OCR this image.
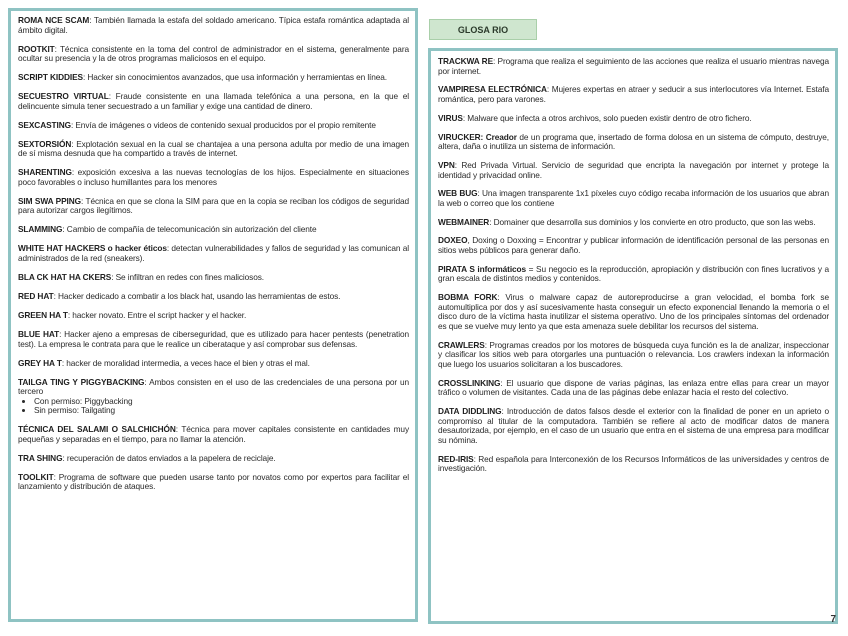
GLOSA RIO
ROMA NCE SCAM: También llamada la estafa del soldado americano. Típica estafa romántica adaptada al ámbito digital.
ROOTKIT: Técnica consistente en la toma del control de administrador en el sistema, generalmente para ocultar su presencia y la de otros programas maliciosos en el equipo.
SCRIPT KIDDIES: Hacker sin conocimientos avanzados, que usa información y herramientas en línea.
SECUESTRO VIRTUAL: Fraude consistente en una llamada telefónica a una persona, en la que el delincuente simula tener secuestrado a un familiar y exige una cantidad de dinero.
SEXCASTING: Envía de imágenes o videos de contenido sexual producidos por el propio remitente
SEXTORSIÓN: Explotación sexual en la cual se chantajea a una persona adulta por medio de una imagen de sí misma desnuda que ha compartido a través de internet.
SHARENTING: exposición excesiva a las nuevas tecnologías de los hijos. Especialmente en situaciones poco favorables o incluso humillantes para los menores
SIM SWA PPING: Técnica en que se clona la SIM para que en la copia se reciban los códigos de seguridad para autorizar cargos ilegítimos.
SLAMMING: Cambio de compañía de telecomunicación sin autorización del cliente
WHITE HAT HACKERS o hacker éticos: detectan vulnerabilidades y fallos de seguridad y las comunican al administrados de la red (sneakers).
BLA CK HAT HA CKERS: Se infiltran en redes con fines maliciosos.
RED HAT: Hacker dedicado a combatir a los black hat, usando las herramientas de estos.
GREEN HA T: hacker novato. Entre el script hacker y el hacker.
BLUE HAT: Hacker ajeno a empresas de ciberseguridad, que es utilizado para hacer pentests (penetration test). La empresa le contrata para que le realice un ciberataque y así comprobar sus defensas.
GREY HA T: hacker de moralidad intermedia, a veces hace el bien y otras el mal.
TAILGA TING Y PIGGYBACKING: Ambos consisten en el uso de las credenciales de una persona por un tercero
• Con permiso: Piggybacking
• Sin permiso: Tailgating
TÉCNICA DEL SALAMI O SALCHICHÓN: Técnica para mover capitales consistente en cantidades muy pequeñas y separadas en el tiempo, para no llamar la atención.
TRA SHING: recuperación de datos enviados a la papelera de reciclaje.
TOOLKIT: Programa de software que pueden usarse tanto por novatos como por expertos para facilitar el lanzamiento y distribución de ataques.
TRACKWA RE: Programa que realiza el seguimiento de las acciones que realiza el usuario mientras navega por internet.
VAMPIRESA ELECTRÓNICA: Mujeres expertas en atraer y seducir a sus interlocutores vía Internet. Estafa romántica, pero para varones.
VIRUS: Malware que infecta a otros archivos, solo pueden existir dentro de otro fichero.
VIRUCKER: Creador de un programa que, insertado de forma dolosa en un sistema de cómputo, destruye, altera, daña o inutiliza un sistema de información.
VPN: Red Privada Virtual. Servicio de seguridad que encripta la navegación por internet y protege la identidad y privacidad online.
WEB BUG: Una imagen transparente 1x1 píxeles cuyo código recaba información de los usuarios que abran la web o correo que los contiene
WEBMAINER: Domainer que desarrolla sus dominios y los convierte en otro producto, que son las webs.
DOXEO, Doxing o Doxxing = Encontrar y publicar información de identificación personal de las personas en sitios webs públicos para generar daño.
PIRATA S informáticos = Su negocio es la reproducción, apropiación y distribución con fines lucrativos y a gran escala de distintos medios y contenidos.
BOBMA FORK: Virus o malware capaz de autoreproducirse a gran velocidad, el bomba fork se automultiplica por dos y así sucesivamente hasta conseguir un efecto exponencial llenando la memoria o el disco duro de la víctima hasta inutilizar el sistema operativo. Uno de los principales síntomas del ordenador es que se vuelve muy lento ya que esta amenaza suele debilitar los recursos del sistema.
CRAWLERS: Programas creados por los motores de búsqueda cuya función es la de analizar, inspeccionar y clasificar los sitios web para otorgarles una puntuación o relevancia. Los crawlers indexan la información que luego los usuarios solicitaran a los buscadores.
CROSSLINKING: El usuario que dispone de varias páginas, las enlaza entre ellas para crear un mayor tráfico o volumen de visitantes. Cada una de las páginas debe enlazar hacia el resto del colectivo.
DATA DIDDLING: Introducción de datos falsos desde el exterior con la finalidad de poner en un aprieto o compromiso al titular de la computadora. También se refiere al acto de modificar datos de manera desautorizada, por ejemplo, en el caso de un usuario que entra en el sistema de una empresa para modificar su nómina.
RED-IRIS: Red española para Interconexión de los Recursos Informáticos de las universidades y centros de investigación.
7
